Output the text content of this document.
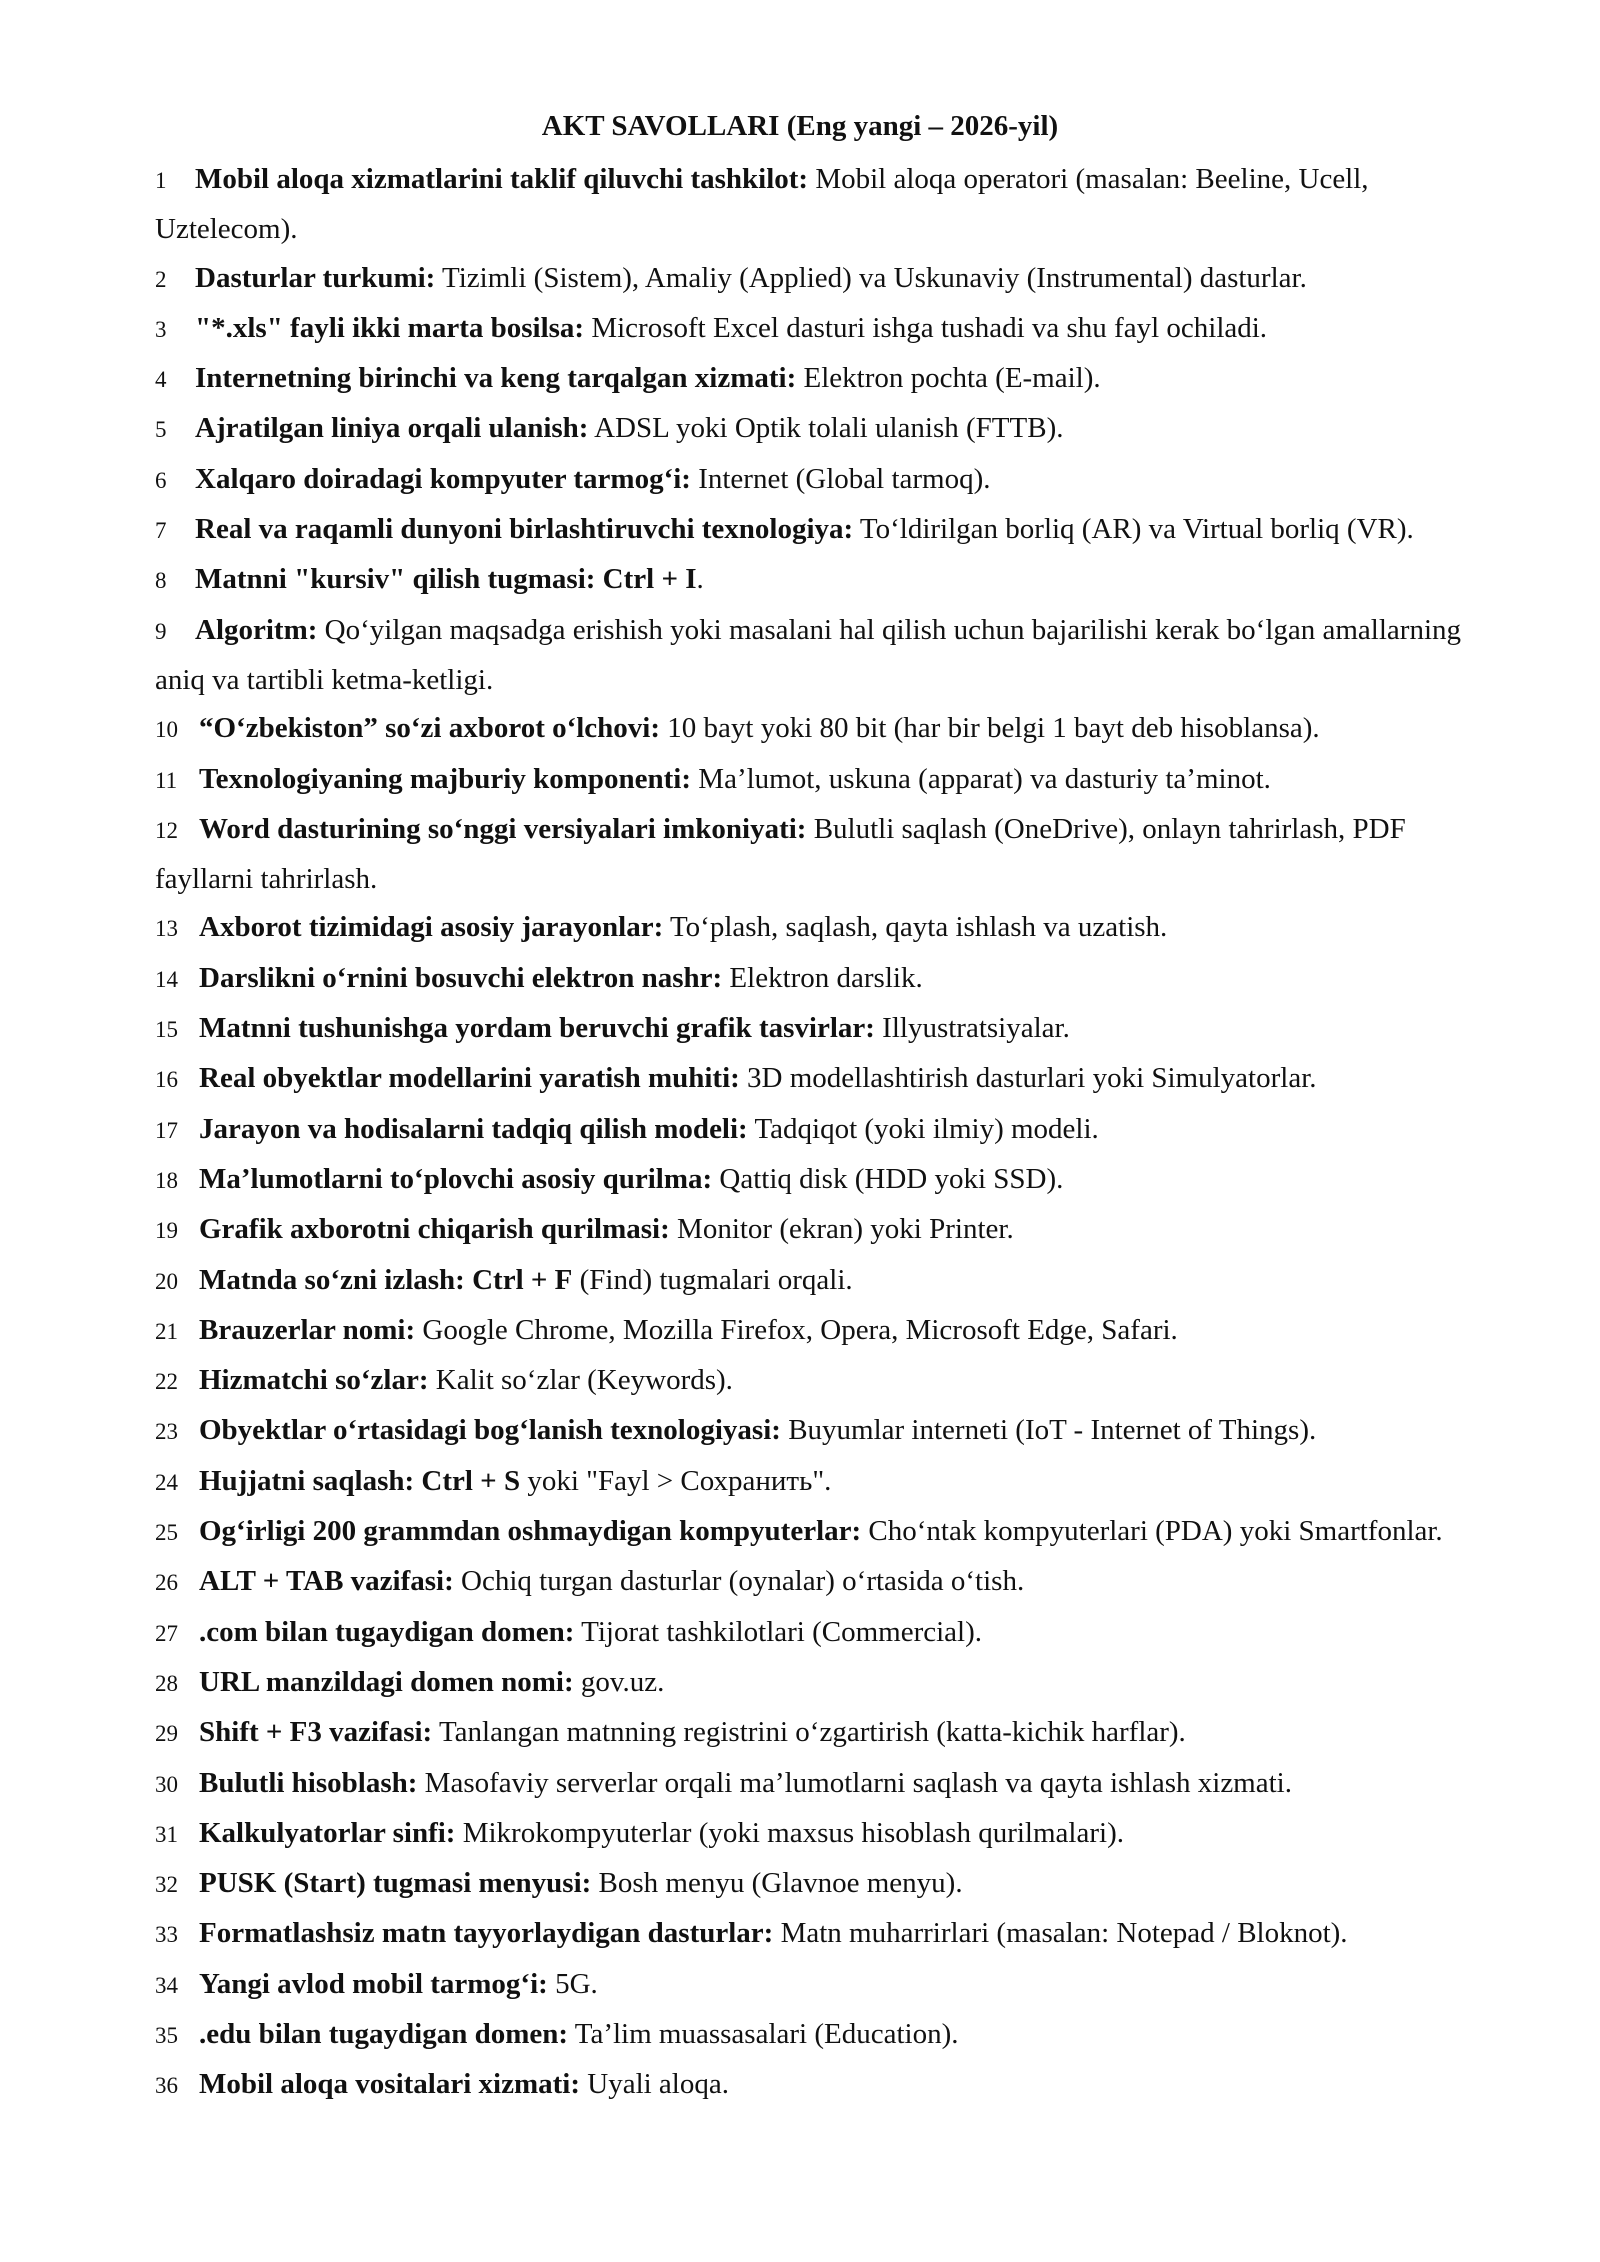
AKT SAVOLLARI (Eng yangi – 2026-yil)
1 Mobil aloqa xizmatlarini taklif qiluvchi tashkilot: Mobil aloqa operatori (masalan: Beeline, Ucell, Uztelecom).
2 Dasturlar turkumi: Tizimli (Sistem), Amaliy (Applied) va Uskunaviy (Instrumental) dasturlar.
3 "*.xls" fayli ikki marta bosilsa: Microsoft Excel dasturi ishga tushadi va shu fayl ochiladi.
4 Internetning birinchi va keng tarqalgan xizmati: Elektron pochta (E-mail).
5 Ajratilgan liniya orqali ulanish: ADSL yoki Optik tolali ulanish (FTTB).
6 Xalqaro doiradagi kompyuter tarmog‘i: Internet (Global tarmoq).
7 Real va raqamli dunyoni birlashtiruvchi texnologiya: To‘ldirilgan borliq (AR) va Virtual borliq (VR).
8 Matnni "kursiv" qilish tugmasi: Ctrl + I.
9 Algoritm: Qo‘yilgan maqsadga erishish yoki masalani hal qilish uchun bajarilishi kerak bo‘lgan amallarning aniq va tartibli ketma-ketligi.
10 “O‘zbekiston” so‘zi axborot o‘lchovi: 10 bayt yoki 80 bit (har bir belgi 1 bayt deb hisoblansa).
11 Texnologiyaning majburiy komponenti: Ma’lumot, uskuna (apparat) va dasturiy ta’minot.
12 Word dasturining so‘nggi versiyalari imkoniyati: Bulutli saqlash (OneDrive), onlayn tahrirlash, PDF fayllarni tahrirlash.
13 Axborot tizimidagi asosiy jarayonlar: To‘plash, saqlash, qayta ishlash va uzatish.
14 Darslikni o‘rnini bosuvchi elektron nashr: Elektron darslik.
15 Matnni tushunishga yordam beruvchi grafik tasvirlar: Illyustratsiyalar.
16 Real obyektlar modellarini yaratish muhiti: 3D modellashtirish dasturlari yoki Simulyatorlar.
17 Jarayon va hodisalarni tadqiq qilish modeli: Tadqiqot (yoki ilmiy) modeli.
18 Ma’lumotlarni to‘plovchi asosiy qurilma: Qattiq disk (HDD yoki SSD).
19 Grafik axborotni chiqarish qurilmasi: Monitor (ekran) yoki Printer.
20 Matnda so‘zni izlash: Ctrl + F (Find) tugmalari orqali.
21 Brauzerlar nomi: Google Chrome, Mozilla Firefox, Opera, Microsoft Edge, Safari.
22 Hizmatchi so‘zlar: Kalit so‘zlar (Keywords).
23 Obyektlar o‘rtasidagi bog‘lanish texnologiyasi: Buyumlar interneti (IoT - Internet of Things).
24 Hujjatni saqlash: Ctrl + S yoki "Fayl > Сохранить".
25 Og‘irligi 200 grammdan oshmaydigan kompyuterlar: Cho‘ntak kompyuterlari (PDA) yoki Smartfonlar.
26 ALT + TAB vazifasi: Ochiq turgan dasturlar (oynalar) o‘rtasida o‘tish.
27 .com bilan tugaydigan domen: Tijorat tashkilotlari (Commercial).
28 URL manzildagi domen nomi: gov.uz.
29 Shift + F3 vazifasi: Tanlangan matnning registrini o‘zgartirish (katta-kichik harflar).
30 Bulutli hisoblash: Masofaviy serverlar orqali ma’lumotlarni saqlash va qayta ishlash xizmati.
31 Kalkulyatorlar sinfi: Mikrokompyuterlar (yoki maxsus hisoblash qurilmalari).
32 PUSK (Start) tugmasi menyusi: Bosh menyu (Glavnoe menyu).
33 Formatlashsiz matn tayyorlaydigan dasturlar: Matn muharrirlari (masalan: Notepad / Bloknot).
34 Yangi avlod mobil tarmog‘i: 5G.
35 .edu bilan tugaydigan domen: Ta’lim muassasalari (Education).
36 Mobil aloqa vositalari xizmati: Uyali aloqa.
